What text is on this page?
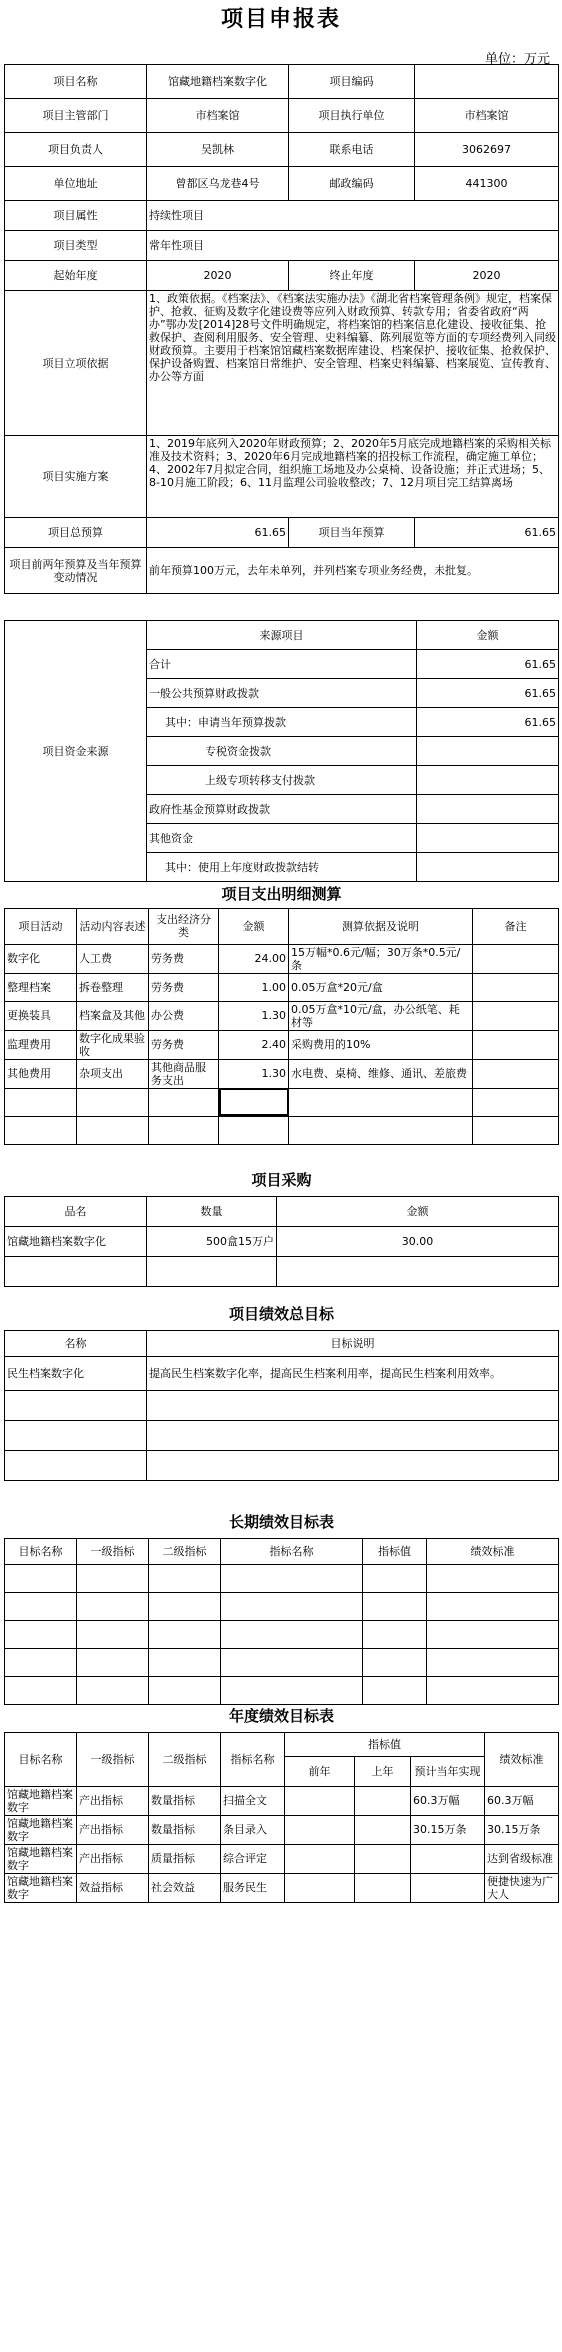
项目申报表
单位：万元
项目名称	馆藏地籍档案数字化	项目编码	
项目主管部门	市档案馆	项目执行单位	市档案馆
项目负责人	吴凯林	联系电话	3062697
单位地址	曾都区乌龙巷4号	邮政编码	441300
项目属性	持续性项目		
项目类型	常年性项目		
起始年度	2020	终止年度	2020
项目立项依据	1、政策依据。《档案法》、《档案法实施办法》《湖北省档案管理条例》规定，档案保护、抢救、征购及数字化建设费等应列入财政预算、转款专用；省委省政府“两办”鄂办发[2014]28号文件明确规定，将档案馆的档案信息化建设、接收征集、抢救保护、查阅利用服务、安全管理、史料编纂、陈列展览等方面的专项经费列入同级财政预算。主要用于档案馆馆藏档案数据库建设、档案保护、接收征集、抢救保护、保护设备购置、档案馆日常维护、安全管理、档案史料编纂、档案展览、宣传教育、办公等方面		
项目实施方案	1、2019年底列入2020年财政预算；2、2020年5月底完成地籍档案的采购相关标准及技术资料；3、2020年6月完成地籍档案的招投标工作流程，确定施工单位；4、2002年7月拟定合同，组织施工场地及办公桌椅、设备设施；并正式进场；5、8-10月施工阶段；6、11月监理公司验收整改；7、12月项目完工结算离场		
项目总预算	61.65	项目当年预算	61.65
项目前两年预算及当年预算变动情况	前年预算100万元，去年未单列，并列档案专项业务经费，未批复。		
项目资金来源	来源项目	金额
	合计	61.65
	一般公共预算财政拨款	61.65
	其中：申请当年预算拨款	61.65
	专税资金拨款	
	上级专项转移支付拨款	
	政府性基金预算财政拨款	
	其他资金	
	其中：使用上年度财政拨款结转	
项目支出明细测算					
项目活动	活动内容表述	支出经济分类	金额	测算依据及说明	备注
数字化	人工费	劳务费	24.00	15万幅*0.6元/幅；30万条*0.5元/条	
整理档案	拆卷整理	劳务费	1.00	0.05万盒*20元/盒	
更换装具	档案盒及其他	办公费	1.30	0.05万盒*10元/盒，办公纸笔、耗材等	
监理费用	数字化成果验收	劳务费	2.40	采购费用的10%	
其他费用	杂项支出	其他商品服务支出	1.30	水电费、桌椅、维修、通讯、差旅费	

项目采购		
品名	数量	金额
馆藏地籍档案数字化	500盒15万户	30.00

项目绩效总目标	
名称	目标说明
民生档案数字化	提高民生档案数字化率，提高民生档案利用率，提高民生档案利用效率。

长期绩效目标表					
目标名称	一级指标	二级指标	指标名称	指标值	绩效标准

年度绩效目标表							
目标名称	一级指标	二级指标	指标名称	指标值			绩效标准
				前年	上年	预计当年实现	
馆藏地籍档案数字	产出指标	数量指标	扫描全文			60.3万幅	60.3万幅
馆藏地籍档案数字	产出指标	数量指标	条目录入			30.15万条	30.15万条
馆藏地籍档案数字	产出指标	质量指标	综合评定				达到省级标准
馆藏地籍档案数字	效益指标	社会效益	服务民生				便捷快速为广大人
